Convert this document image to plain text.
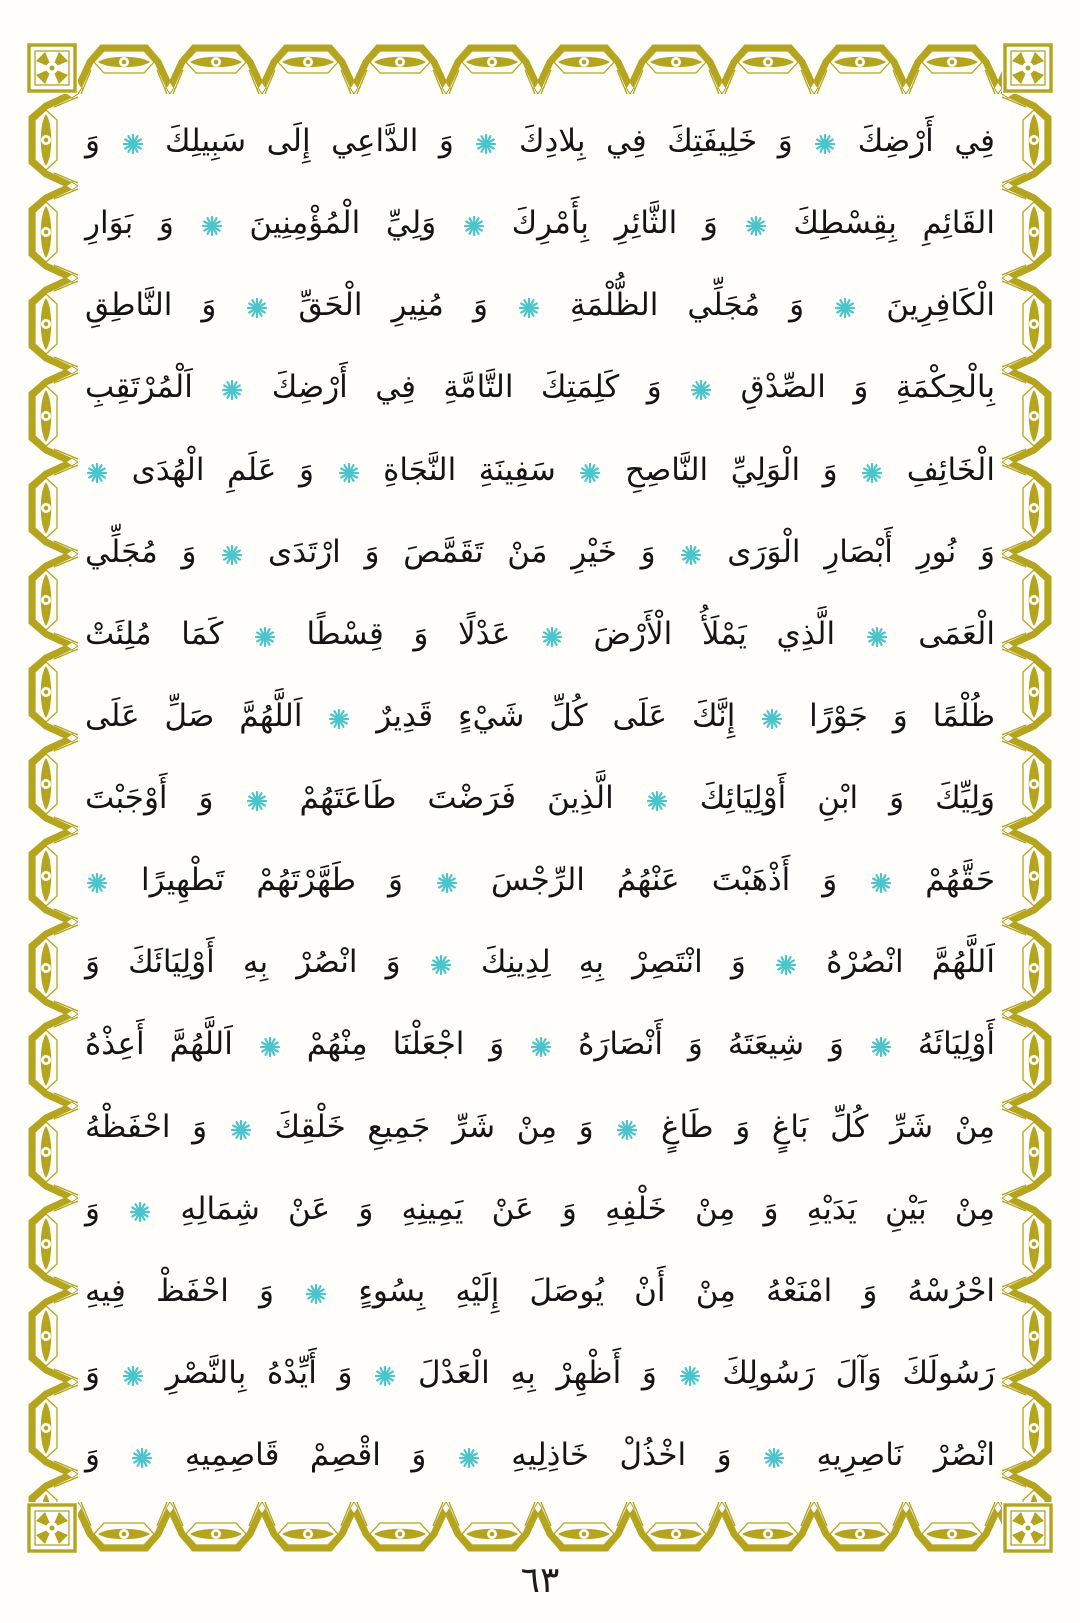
فِي أَرْضِكَ  وَ خَلِيفَتِكَ فِي بِلادِكَ  وَ الدَّاعِي إِلَى سَبِيلِكَ  وَ
القَائِمِ بِقِسْطِكَ  وَ الثَّائِرِ بِأَمْرِكَ  وَلِيِّ الْمُؤْمِنِينَ  وَ بَوَارِ
الْكَافِرِينَ  وَ مُجَلِّي الظُّلْمَةِ  وَ مُنِيرِ الْحَقِّ  وَ النَّاطِقِ
بِالْحِكْمَةِ وَ الصِّدْقِ  وَ كَلِمَتِكَ التَّامَّةِ فِي أَرْضِكَ  اَلْمُرْتَقِبِ
الْخَائِفِ  وَ الْوَلِيِّ النَّاصِحِ  سَفِينَةِ النَّجَاةِ  وَ عَلَمِ الْهُدَى
وَ نُورِ أَبْصَارِ الْوَرَى  وَ خَيْرِ مَنْ تَقَمَّصَ وَ ارْتَدَى  وَ مُجَلِّي
الْعَمَى  الَّذِي يَمْلَأُ الْأَرْضَ  عَدْلًا وَ قِسْطًا  كَمَا مُلِئَتْ
ظُلْمًا وَ جَوْرًا  إِنَّكَ عَلَى كُلِّ شَيْءٍ قَدِيرٌ  اَللَّهُمَّ صَلِّ عَلَى
وَلِيِّكَ وَ ابْنِ أَوْلِيَائِكَ  الَّذِينَ فَرَضْتَ طَاعَتَهُمْ  وَ أَوْجَبْتَ
حَقَّهُمْ  وَ أَذْهَبْتَ عَنْهُمُ الرِّجْسَ  وَ طَهَّرْتَهُمْ تَطْهِيرًا
اَللَّهُمَّ انْصُرْهُ  وَ انْتَصِرْ بِهِ لِدِينِكَ  وَ انْصُرْ بِهِ أَوْلِيَائَكَ وَ
أَوْلِيَائَهُ  وَ شِيعَتَهُ وَ أَنْصَارَهُ  وَ اجْعَلْنَا مِنْهُمْ  اَللَّهُمَّ أَعِذْهُ
مِنْ شَرِّ كُلِّ بَاغٍ وَ طَاغٍ  وَ مِنْ شَرِّ جَمِيعِ خَلْقِكَ  وَ احْفَظْهُ
مِنْ بَيْنِ يَدَيْهِ وَ مِنْ خَلْفِهِ وَ عَنْ يَمِينِهِ وَ عَنْ شِمَالِهِ  وَ
احْرُسْهُ وَ امْنَعْهُ مِنْ أَنْ يُوصَلَ إِلَيْهِ بِسُوءٍ  وَ احْفَظْ فِيهِ
رَسُولَكَ وَآلَ رَسُولِكَ  وَ أَظْهِرْ بِهِ الْعَدْلَ  وَ أَيِّدْهُ بِالنَّصْرِ  وَ
انْصُرْ نَاصِرِيهِ  وَ اخْذُلْ خَاذِلِيهِ  وَ اقْصِمْ قَاصِمِيهِ  وَ
٦٣
